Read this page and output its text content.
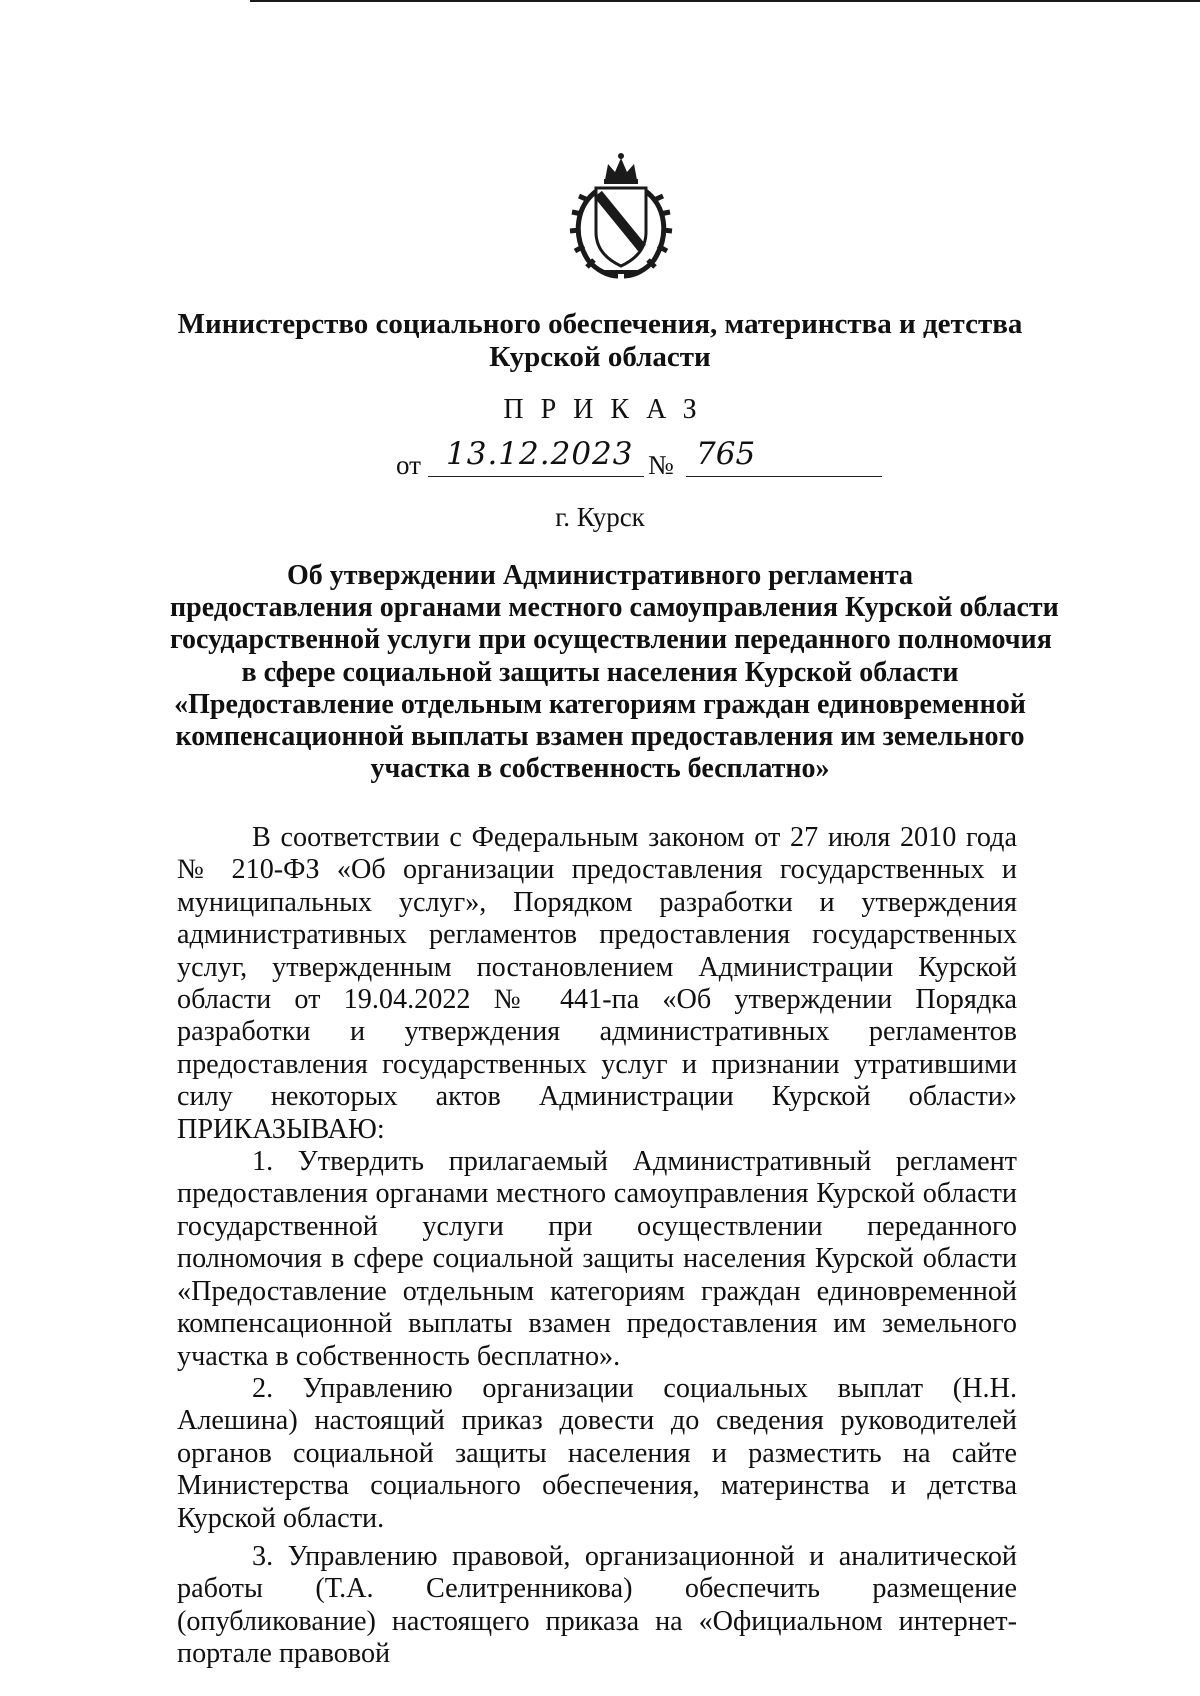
Министерство социального обеспечения, материнства и детства
Курской области
ПРИКАЗ
от 13.12.2023 № 765
г. Курск
Об утверждении Административного регламента
предоставления органами местного самоуправления Курской области
государственной услуги при осуществлении переданного полномочия
в сфере социальной защиты населения Курской области
«Предоставление отдельным категориям граждан единовременной
компенсационной выплаты взамен предоставления им земельного
участка в собственность бесплатно»

В соответствии с Федеральным законом от 27 июля 2010 года № 210-ФЗ «Об организации предоставления государственных и муниципальных услуг», Порядком разработки и утверждения административных регламентов предоставления государственных услуг, утвержденным постановлением Администрации Курской области от 19.04.2022 № 441-па «Об утверждении Порядка разработки и утверждения административных регламентов предоставления государственных услуг и признании утратившими силу некоторых актов Администрации Курской области» ПРИКАЗЫВАЮ:

1. Утвердить прилагаемый Административный регламент предоставления органами местного самоуправления Курской области государственной услуги при осуществлении переданного полномочия в сфере социальной защиты населения Курской области «Предоставление отдельным категориям граждан единовременной компенсационной выплаты взамен предоставления им земельного участка в собственность бесплатно».

2. Управлению организации социальных выплат (Н.Н. Алешина) настоящий приказ довести до сведения руководителей органов социальной защиты населения и разместить на сайте Министерства социального обеспечения, материнства и детства Курской области.

3. Управлению правовой, организационной и аналитической работы (Т.А. Селитренникова) обеспечить размещение (опубликование) настоящего приказа на «Официальном интернет-портале правовой
